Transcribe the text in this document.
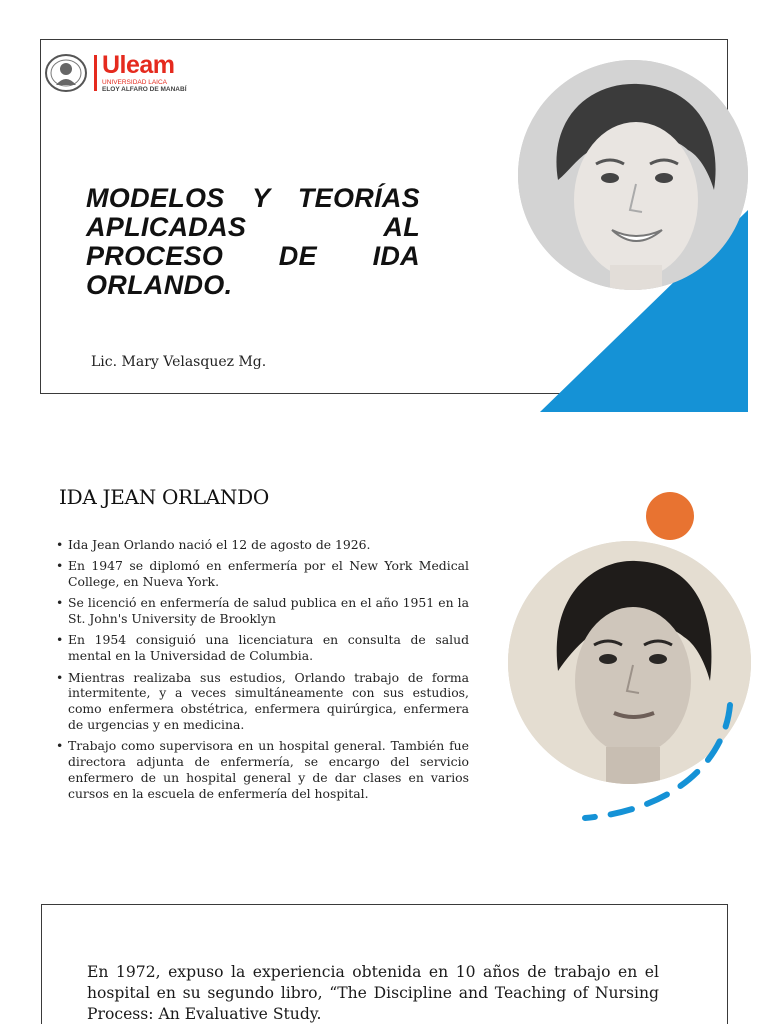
Uleam
UNIVERSIDAD LAICA
ELOY ALFARO DE MANABÍ
MODELOS Y TEORÍAS APLICADAS AL PROCESO DE IDA ORLANDO.
Lic. Mary Velasquez Mg.
IDA JEAN ORLANDO
• Ida Jean Orlando nació el 12 de agosto de 1926.
• En 1947 se diplomó en enfermería por el New York Medical College, en Nueva York.
• Se licenció en enfermería de salud publica en el año 1951 en la St. John's University de Brooklyn
• En 1954 consiguió una licenciatura en consulta de salud mental en la Universidad de Columbia.
• Mientras realizaba sus estudios, Orlando trabajo de forma intermitente, y a veces simultáneamente con sus estudios, como enfermera obstétrica, enfermera quirúrgica, enfermera de urgencias y en medicina.
• Trabajo como supervisora en un hospital general. También fue directora adjunta de enfermería, se encargo del servicio enfermero de un hospital general y de dar clases en varios cursos en la escuela de enfermería del hospital.
En 1972, expuso la experiencia obtenida en 10 años de trabajo en el hospital en su segundo libro, “The Discipline and Teaching of Nursing Process: An Evaluative Study.
